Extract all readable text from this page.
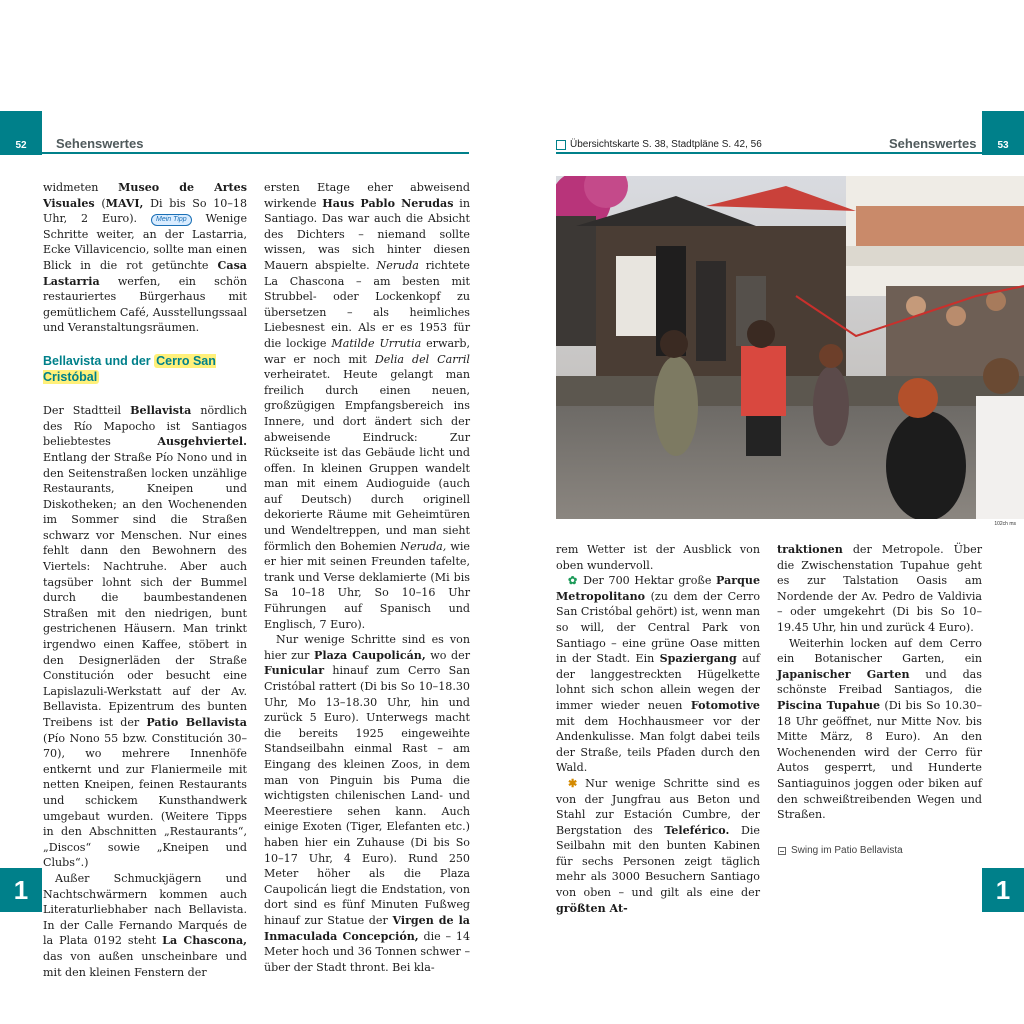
52	Sehenswertes	Übersichtskarte S. 38, Stadtpläne S. 42, 56	Sehenswertes	53

widmeten Museo de Artes Visuales (MAVI, Di bis So 10–18 Uhr, 2 Euro).	Mein Tipp Wenige Schritte weiter, an der Lastarria, Ecke Villavicencio, sollte man einen Blick in die rot getünchte Casa Lastarria werfen, ein schön restauriertes Bürgerhaus mit gemütlichem Café, Ausstellungssaal und Veranstaltungsräumen.

Bellavista und der Cerro San Cristóbal

Der Stadtteil Bellavista nördlich des Río Mapocho ist Santiagos beliebtestes Ausgehviertel. Entlang der Straße Pío Nono und in den Seitenstraßen locken unzählige Restaurants, Kneipen und Diskotheken; an den Wochenenden im Sommer sind die Straßen schwarz vor Menschen. Nur eines fehlt dann den Bewohnern des Viertels: Nachtruhe. Aber auch tagsüber lohnt sich der Bummel durch die baumbestandenen Straßen mit den niedrigen, bunt gestrichenen Häusern. Man trinkt irgendwo einen Kaffee, stöbert in den Designerläden der Straße Constitución oder besucht eine Lapislazuli-Werkstatt auf der Av. Bellavista. Epizentrum des bunten Treibens ist der Patio Bellavista (Pío Nono 55 bzw. Constitución 30–70), wo mehrere Innenhöfe entkernt und zur Flaniermeile mit netten Kneipen, feinen Restaurants und schickem Kunsthandwerk umgebaut wurden. (Weitere Tipps in den Abschnitten „Restaurants“, „Discos“ sowie „Kneipen und Clubs“.)

Außer Schmuckjägern und Nachtschwärmern kommen auch Literaturliebhaber nach Bellavista. In der Calle Fernando Marqués de la Plata 0192 steht La Chascona, das von außen unscheinbare und mit den kleinen Fenstern der

ersten Etage eher abweisend wirkende Haus Pablo Nerudas in Santiago. Das war auch die Absicht des Dichters – niemand sollte wissen, was sich hinter diesen Mauern abspielte. Neruda richtete La Chascona – am besten mit Strubbel- oder Lockenkopf zu übersetzen – als heimliches Liebesnest ein. Als er es 1953 für die lockige Matilde Urrutia erwarb, war er noch mit Delia del Carril verheiratet. Heute gelangt man freilich durch einen neuen, großzügigen Empfangsbereich ins Innere, und dort ändert sich der abweisende Eindruck: Zur Rückseite ist das Gebäude licht und offen. In kleinen Gruppen wandelt man mit einem Audioguide (auch auf Deutsch) durch originell dekorierte Räume mit Geheimtüren und Wendeltreppen, und man sieht förmlich den Bohemien Neruda, wie er hier mit seinen Freunden tafelte, trank und Verse deklamierte (Mi bis Sa 10–18 Uhr, So 10–16 Uhr Führungen auf Spanisch und Englisch, 7 Euro).

Nur wenige Schritte sind es von hier zur Plaza Caupolicán, wo der Funicular hinauf zum Cerro San Cristóbal rattert (Di bis So 10–18.30 Uhr, Mo 13–18.30 Uhr, hin und zurück 5 Euro). Unterwegs macht die bereits 1925 eingeweihte Standseilbahn einmal Rast – am Eingang des kleinen Zoos, in dem man von Pinguin bis Puma die wichtigsten chilenischen Land- und Meerestiere sehen kann. Auch einige Exoten (Tiger, Elefanten etc.) haben hier ein Zuhause (Di bis So 10–17 Uhr, 4 Euro). Rund 250 Meter höher als die Plaza Caupolicán liegt die Endstation, von dort sind es fünf Minuten Fußweg hinauf zur Statue der Virgen de la Inmaculada Concepción, die – 14 Meter hoch und 36 Tonnen schwer – über der Stadt thront. Bei kla-

102ch ms

rem Wetter ist der Ausblick von oben wundervoll.

✿ Der 700 Hektar große Parque Metropolitano (zu dem der Cerro San Cristóbal gehört) ist, wenn man so will, der Central Park von Santiago – eine grüne Oase mitten in der Stadt. Ein Spaziergang auf der langgestreckten Hügelkette lohnt sich schon allein wegen der immer wieder neuen Fotomotive mit dem Hochhausmeer vor der Andenkulisse. Man folgt dabei teils der Straße, teils Pfaden durch den Wald.

✱ Nur wenige Schritte sind es von der Jungfrau aus Beton und Stahl zur Estación Cumbre, der Bergstation des Teleférico. Die Seilbahn mit den bunten Kabinen für sechs Personen zeigt täglich mehr als 3000 Besuchern Santiago von oben – und gilt als eine der größten At-

traktionen der Metropole. Über die Zwischenstation Tupahue geht es zur Talstation Oasis am Nordende der Av. Pedro de Valdivia – oder umgekehrt (Di bis So 10–19.45 Uhr, hin und zurück 4 Euro).

Weiterhin locken auf dem Cerro ein Botanischer Garten, ein Japanischer Garten und das schönste Freibad Santiagos, die Piscina Tupahue (Di bis So 10.30–18 Uhr geöffnet, nur Mitte Nov. bis Mitte März, 8 Euro). An den Wochenenden wird der Cerro für Autos gesperrt, und Hunderte Santiaguinos joggen oder biken auf den schweißtreibenden Wegen und Straßen.

Swing im Patio Bellavista
1	1
